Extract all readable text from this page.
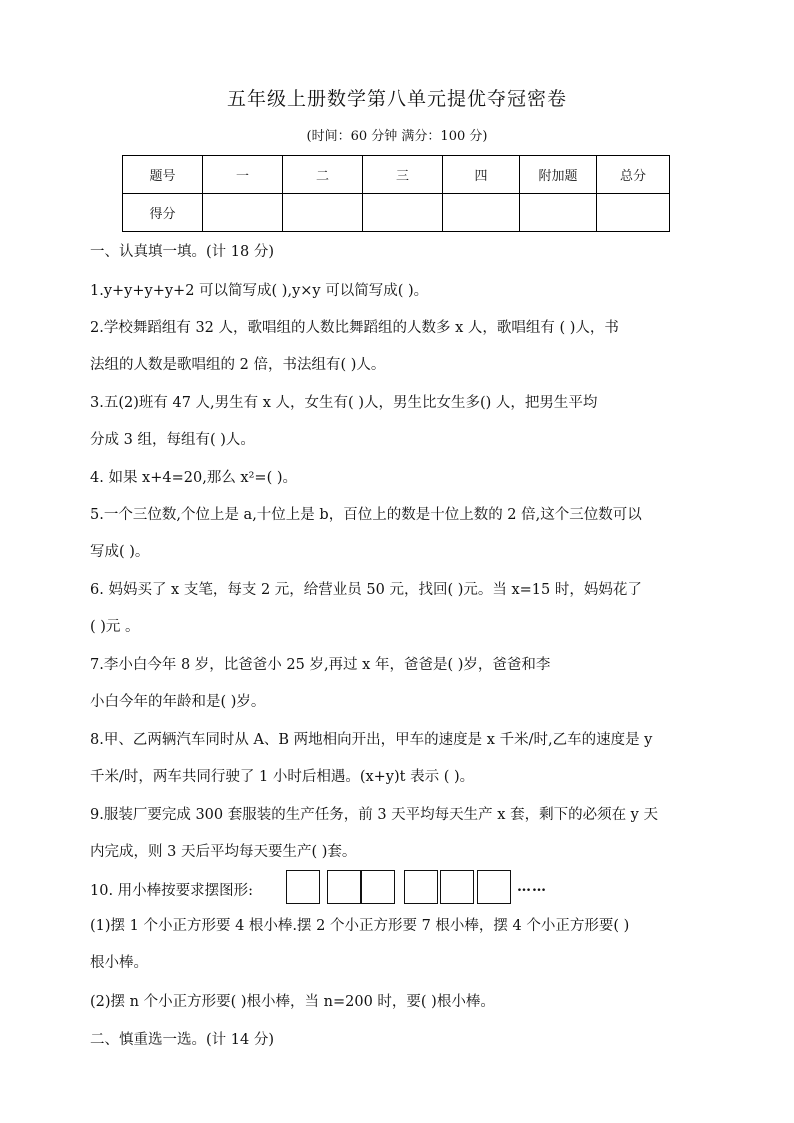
五年级上册数学第八单元提优夺冠密卷
(时间：60 分钟 满分：100 分)
题号	一	二	三	四	附加题	总分
得分						
一、认真填一填。(计 18 分)
1.y+y+y+y+2 可以简写成( ),y×y 可以简写成( )。
2.学校舞蹈组有 32 人，歌唱组的人数比舞蹈组的人数多 x 人，歌唱组有 ( )人，书
法组的人数是歌唱组的 2 倍，书法组有( )人。
3.五(2)班有 47 人,男生有 x 人，女生有( )人，男生比女生多() 人，把男生平均
分成 3 组，每组有( )人。
4. 如果 x+4=20,那么 x²=( )。
5.一个三位数,个位上是 a,十位上是 b，百位上的数是十位上数的 2 倍,这个三位数可以
写成( )。
6. 妈妈买了 x 支笔，每支 2 元，给营业员 50 元，找回( )元。当 x=15 时，妈妈花了
( )元 。
7.李小白今年 8 岁，比爸爸小 25 岁,再过 x 年，爸爸是( )岁，爸爸和李
小白今年的年龄和是( )岁。
8.甲、乙两辆汽车同时从 A、B 两地相向开出，甲车的速度是 x 千米/时,乙车的速度是 y
千米/时，两车共同行驶了 1 小时后相遇。(x+y)t 表示 ( )。
9.服装厂要完成 300 套服装的生产任务，前 3 天平均每天生产 x 套，剩下的必须在 y 天
内完成，则 3 天后平均每天要生产( )套。
10. 用小棒按要求摆图形:	……
(1)摆 1 个小正方形要 4 根小棒.摆 2 个小正方形要 7 根小棒，摆 4 个小正方形要( )
根小棒。
(2)摆 n 个小正方形要( )根小棒，当 n=200 时，要( )根小棒。
二、慎重选一选。(计 14 分)
